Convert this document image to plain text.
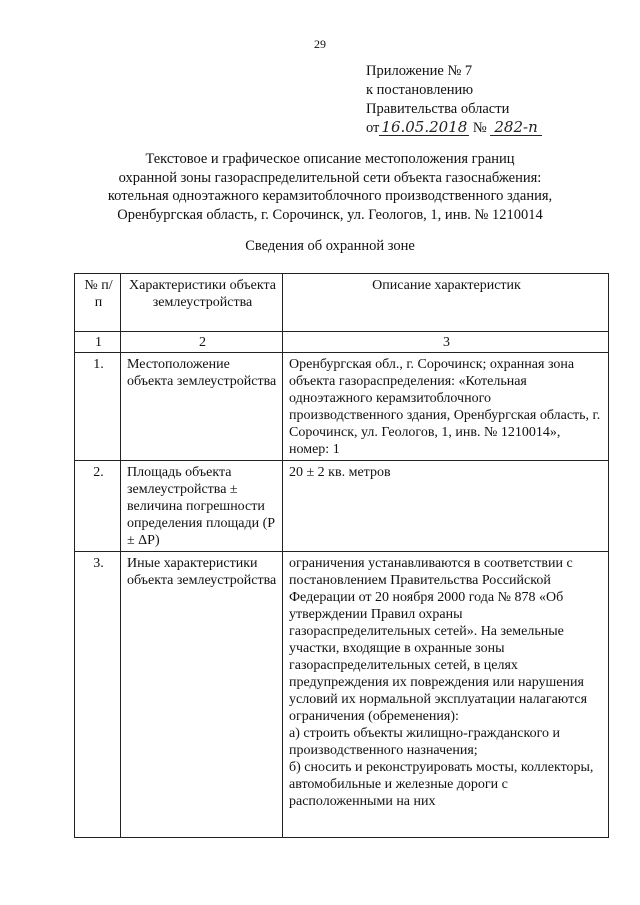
29
Приложение № 7
к постановлению
Правительства области
от 16.05.2018 № 282-п
Текстовое и графическое описание местоположения границ
охранной зоны газораспределительной сети объекта газоснабжения:
котельная одноэтажного керамзитоблочного производственного здания,
Оренбургская область, г. Сорочинск, ул. Геологов, 1, инв. № 1210014
Сведения об охранной зоне
№ п/п	Характеристики объекта землеустройства	Описание характеристик
1	2	3
1.	Местоположение объекта землеустройства	Оренбургская обл., г. Сорочинск; охранная зона объекта газораспределения: «Котельная одноэтажного керамзитоблочного производственного здания, Оренбургская область, г. Сорочинск, ул. Геологов, 1, инв. № 1210014», номер: 1
2.	Площадь объекта землеустройства ± величина погрешности определения площади (Р ± ΔР)	20 ± 2 кв. метров
3.	Иные характеристики объекта землеустройства	ограничения устанавливаются в соответствии с постановлением Правительства Российской Федерации от 20 ноября 2000 года № 878 «Об утверждении Правил охраны газораспределительных сетей». На земельные участки, входящие в охранные зоны газораспределительных сетей, в целях предупреждения их повреждения или нарушения условий их нормальной эксплуатации налагаются ограничения (обременения):

а) строить объекты жилищно-гражданского и производственного назначения;

б) сносить и реконструировать мосты, коллекторы, автомобильные и железные дороги с расположенными на них
